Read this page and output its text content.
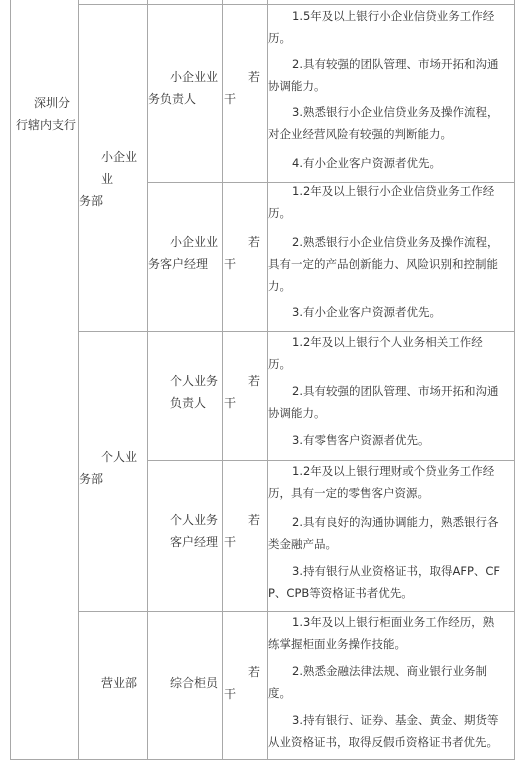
深圳分
行辖内支行
小企业业
务部
个人业
务部
营业部
小企业业
务负责人
小企业业
务客户经理
个人业务
负责人
个人业务
客户经理
综合柜员
若
干
若
干
若
干
若
干
若
干
1.5年及以上银行小企业信贷业务工作经
历。
2.具有较强的团队管理、市场开拓和沟通
协调能力。
3.熟悉银行小企业信贷业务及操作流程，
对企业经营风险有较强的判断能力。
4.有小企业客户资源者优先。
1.2年及以上银行小企业信贷业务工作经
历。
2.熟悉银行小企业信贷业务及操作流程，
具有一定的产品创新能力、风险识别和控制能
力。
3.有小企业客户资源者优先。
1.2年及以上银行个人业务相关工作经
历。
2.具有较强的团队管理、市场开拓和沟通
协调能力。
3.有零售客户资源者优先。
1.2年及以上银行理财或个贷业务工作经
历，具有一定的零售客户资源。
2.具有良好的沟通协调能力，熟悉银行各
类金融产品。
3.持有银行从业资格证书，取得AFP、CF
P、CPB等资格证书者优先。
1.3年及以上银行柜面业务工作经历，熟
练掌握柜面业务操作技能。
2.熟悉金融法律法规、商业银行业务制
度。
3.持有银行、证券、基金、黄金、期货等
从业资格证书，取得反假币资格证书者优先。
